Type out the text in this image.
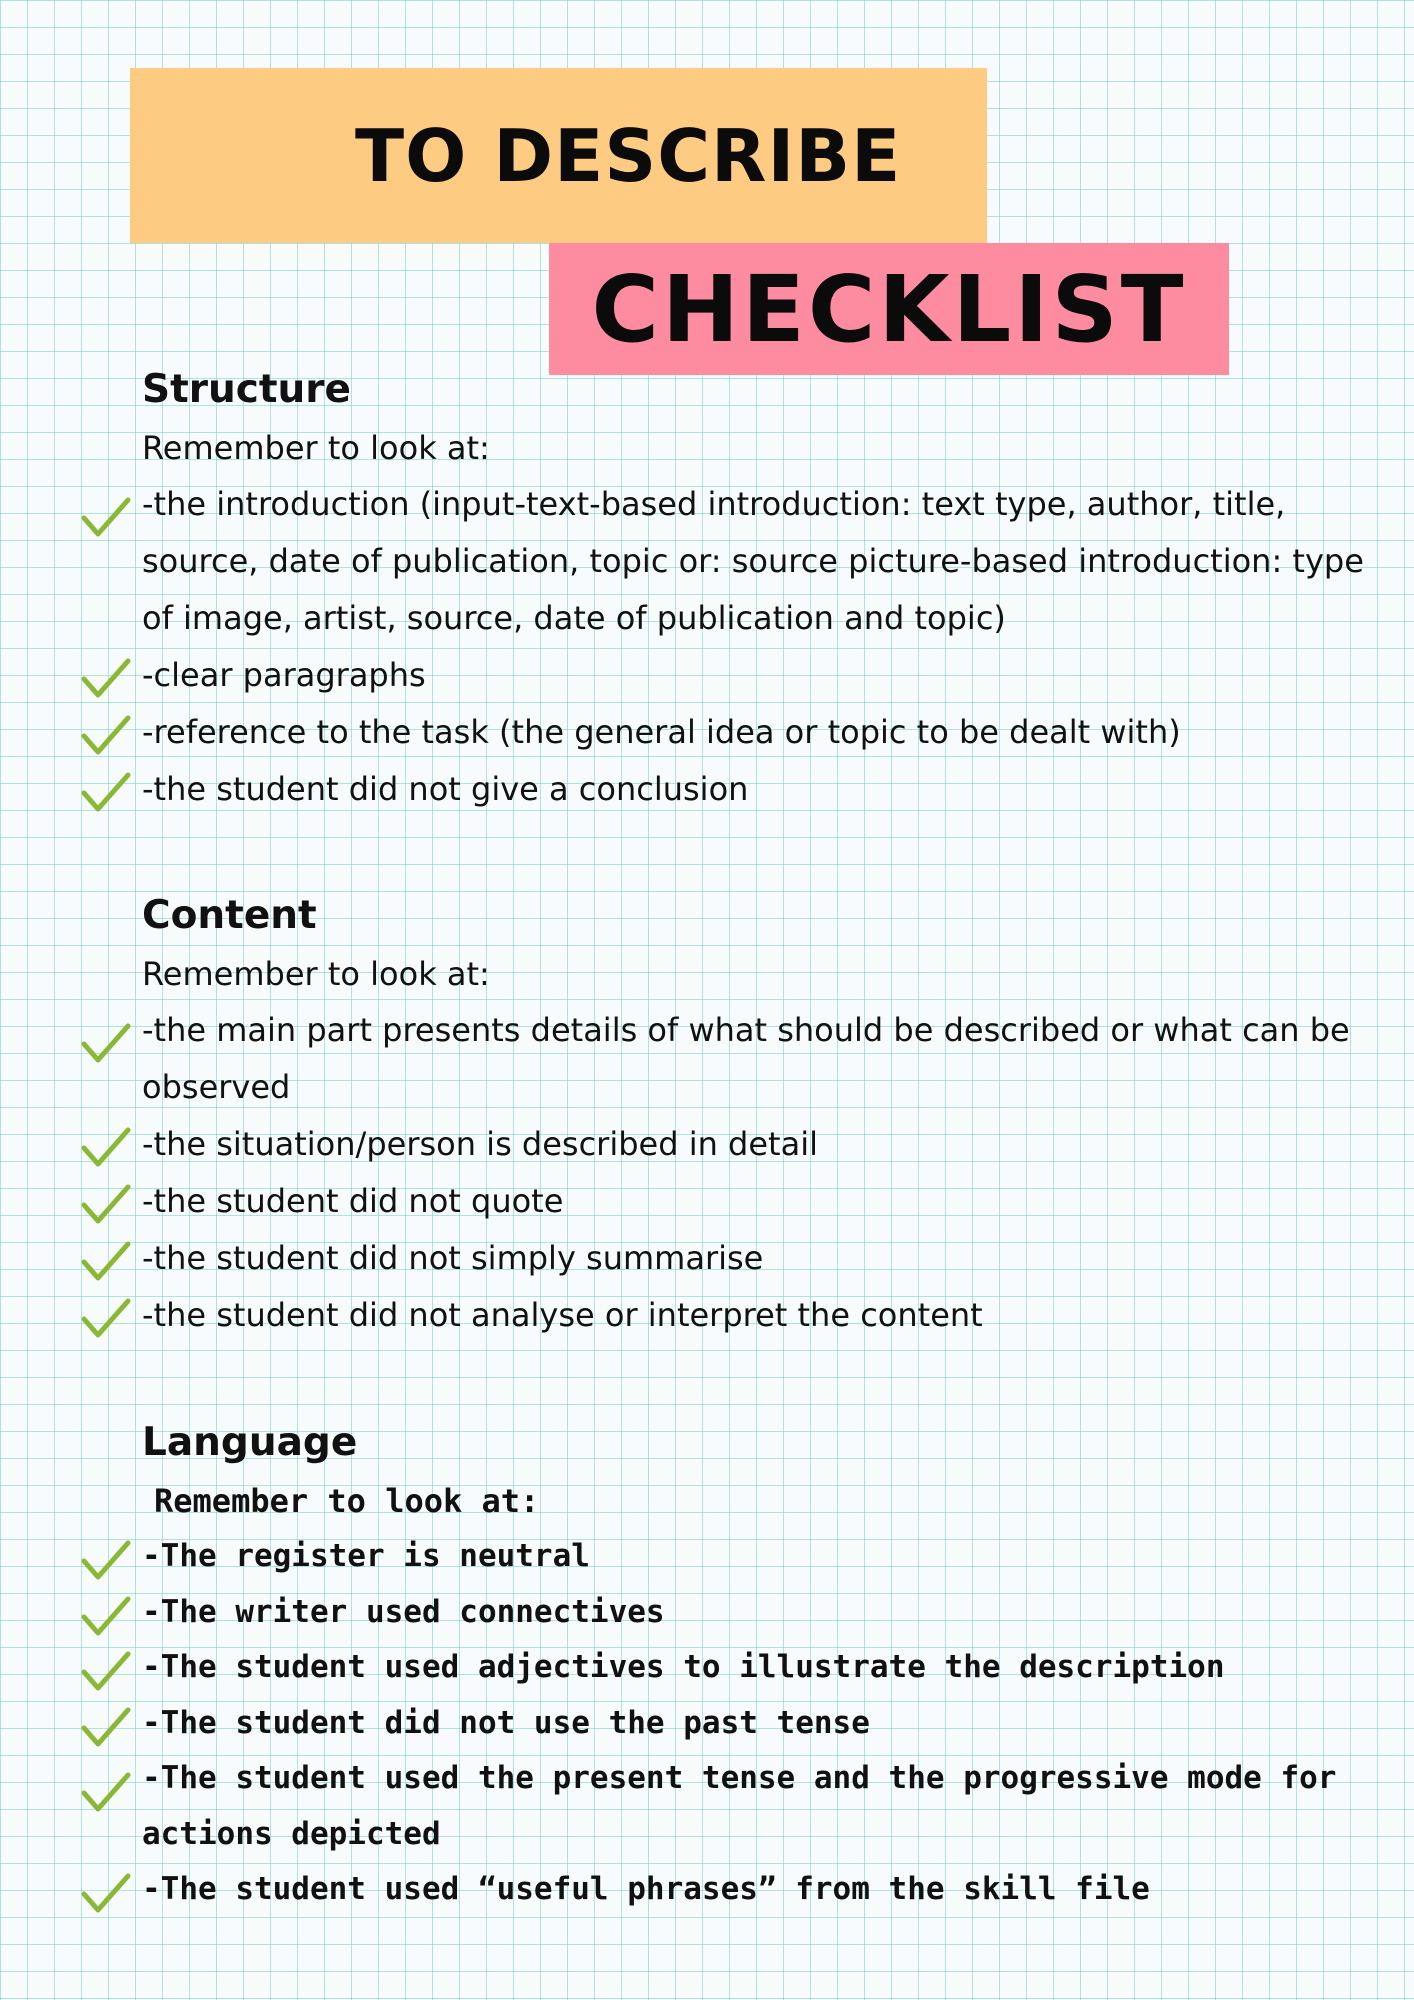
TO DESCRIBE
CHECKLIST
Structure
Remember to look at:
-the introduction (input-text-based introduction: text type, author, title, source, date of publication, topic or: source picture-based introduction: type of image, artist, source, date of publication and topic)
-clear paragraphs
-reference to the task (the general idea or topic to be dealt with)
-the student did not give a conclusion
Content
Remember to look at:
-the main part presents details of what should be described or what can be observed
-the situation/person is described in detail
-the student did not quote
-the student did not simply summarise
-the student did not analyse or interpret the content
Language
Remember to look at:
-The register is neutral
-The writer used connectives
-The student used adjectives to illustrate the description
-The student did not use the past tense
-The student used the present tense and the progressive mode for actions depicted
-The student used “useful phrases” from the skill file
